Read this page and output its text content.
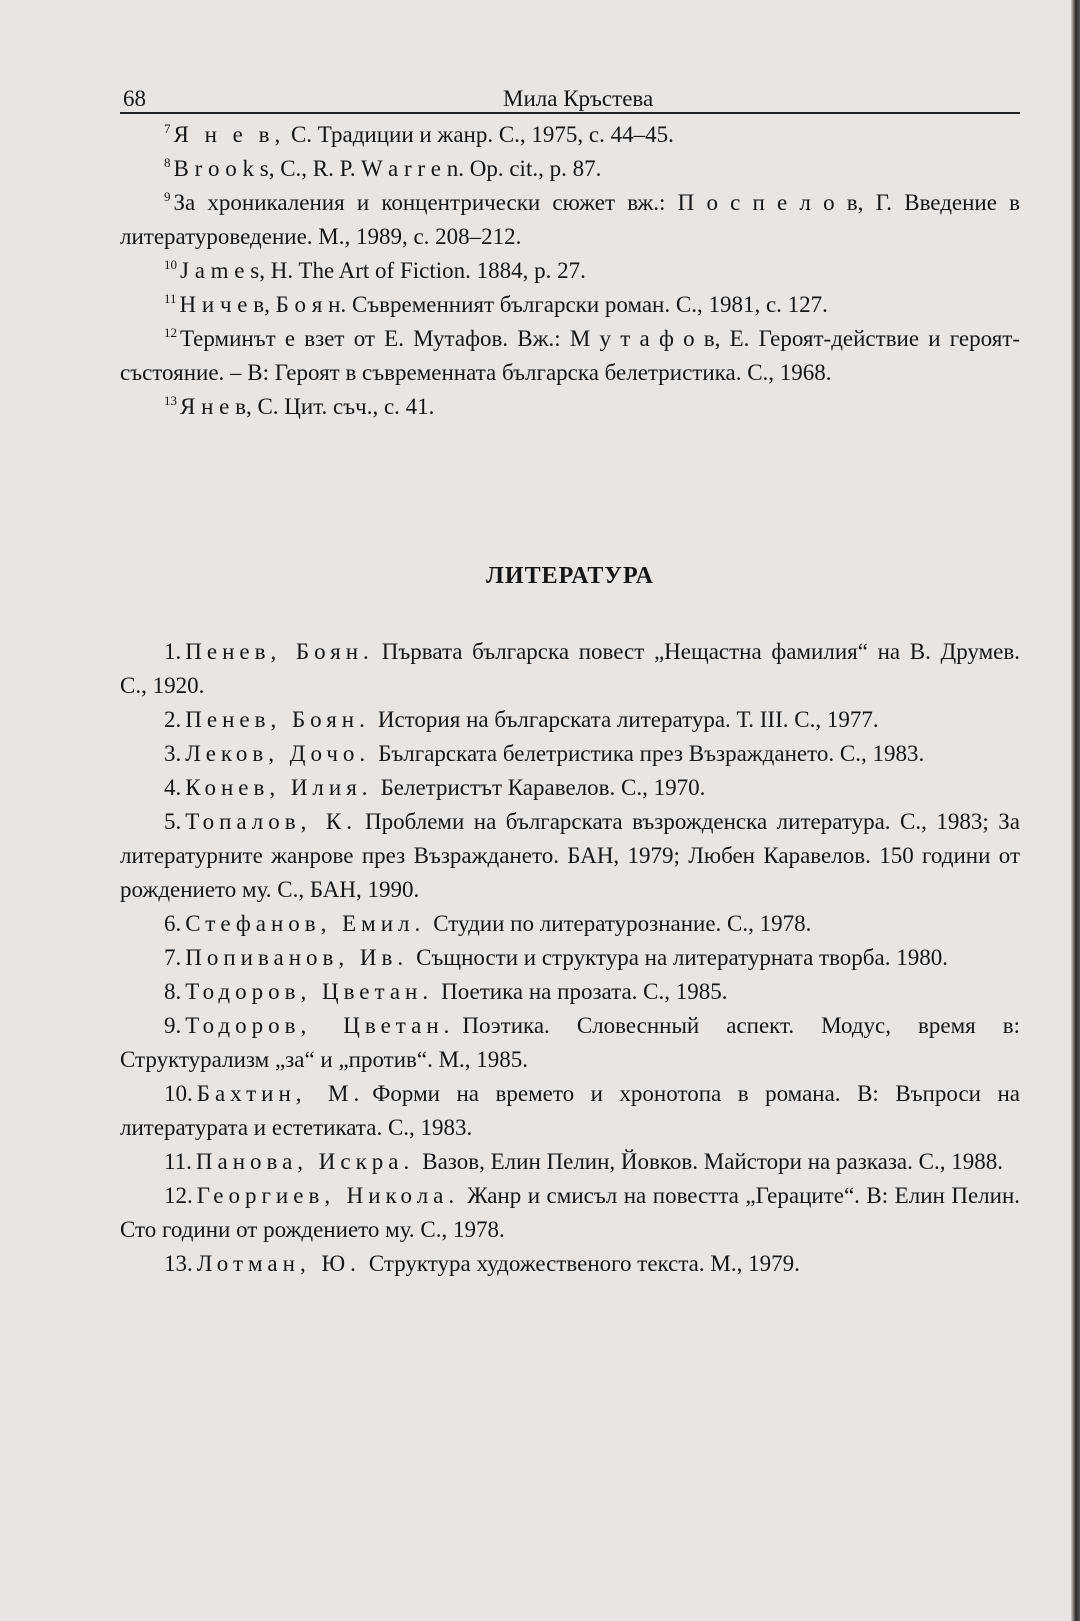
68	Мила Кръстева

$^7$ Я н е в, С. Традиции и жанр. С., 1975, с. 44–45.

$^8$ B r o o k s, C., R. P. W a r r e n. Op. cit., p. 87.

$^9$ За хроникаления и концентрически сюжет вж.: П о с п е л о в, Г. Введение в литературоведение. М., 1989, с. 208–212.

$^{10}$ J a m e s, H. The Art of Fiction. 1884, p. 27.

$^{11}$ Н и ч е в, Б о я н. Съвременният български роман. С., 1981, с. 127.

$^{12}$ Терминът е взет от Е. Мутафов. Вж.: М у т а ф о в, Е. Героят-действие и героят-състояние. – В: Героят в съвременната българска белетристика. С., 1968.

$^{13}$ Я н е в, С. Цит. съч., с. 41.

ЛИТЕРАТУРА

1. Пенев, Боян. Първата българска повест „Нещастна фамилия“ на В. Друмев. С., 1920.

2. Пенев, Боян. История на българската литература. Т. III. С., 1977.

3. Леков, Дочо. Българската белетристика през Възраждането. С., 1983.

4. Конев, Илия. Белетристът Каравелов. С., 1970.

5. Топалов, К. Проблеми на българската възрожденска литература. С., 1983; За литературните жанрове през Възраждането. БАН, 1979; Любен Каравелов. 150 години от рождението му. С., БАН, 1990.

6. Стефанов, Емил. Студии по литературознание. С., 1978.

7. Попиванов, Ив. Същности и структура на литературната творба. 1980.

8. Тодоров, Цветан. Поетика на прозата. С., 1985.

9. Тодоров, Цветан. Поэтика. Словеснный аспект. Модус, время в: Структурализм „за“ и „против“. М., 1985.

10. Бахтин, М. Форми на времето и хронотопа в романа. В: Въпроси на литературата и естетиката. С., 1983.

11. Панова, Искра. Вазов, Елин Пелин, Йовков. Майстори на разказа. С., 1988.

12. Георгиев, Никола. Жанр и смисъл на повестта „Гераците“. В: Елин Пелин. Сто години от рождението му. С., 1978.

13. Лотман, Ю. Структура художественого текста. М., 1979.
